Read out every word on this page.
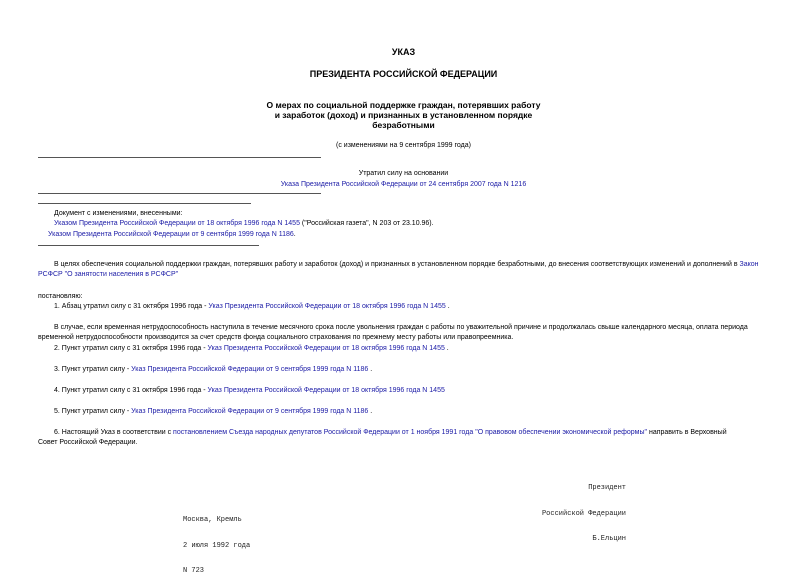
УКАЗ
ПРЕЗИДЕНТА РОССИЙСКОЙ ФЕДЕРАЦИИ
О мерах по социальной поддержке граждан, потерявших работу
и заработок (доход) и признанных в установленном порядке
безработными
(с изменениями на 9 сентября 1999 года)
Утратил силу на основании
Указа Президента Российской Федерации от 24 сентября 2007 года N 1216
Документ с изменениями, внесенными:
Указом Президента Российской Федерации от 18 октября 1996 года N 1455 ("Российская газета", N 203 от 23.10.96).
Указом Президента Российской Федерации от 9 сентября 1999 года N 1186.
В целях обеспечения социальной поддержки граждан, потерявших работу и заработок (доход) и признанных в установленном порядке безработными, до внесения соответствующих изменений и дополнений в Закон РСФСР "О занятости населения в РСФСР"
постановляю:
1. Абзац утратил силу с 31 октября 1996 года - Указ Президента Российской Федерации от 18 октября 1996 года N 1455 .
В случае, если временная нетрудоспособность наступила в течение месячного срока после увольнения граждан с работы по уважительной причине и продолжалась свыше календарного месяца, оплата периода
временной нетрудоспособности производится за счет средств фонда социального страхования по прежнему месту работы или правопреемника.
2. Пункт утратил силу с 31 октября 1996 года - Указ Президента Российской Федерации от 18 октября 1996 года N 1455 .
3. Пункт утратил силу - Указ Президента Российской Федерации от 9 сентября 1999 года N 1186 .
4. Пункт утратил силу с 31 октября 1996 года - Указ Президента Российской Федерации от 18 октября 1996 года N 1455
5. Пункт утратил силу - Указ Президента Российской Федерации от 9 сентября 1999 года N 1186 .
6. Настоящий Указ в соответствии с постановлением Съезда народных депутатов Российской Федерации от 1 ноября 1991 года "О правовом обеспечении экономической реформы" направить в Верховный
Совет Российской Федерации.

Президент

Российской Федерации

Б.Ельцин

Москва, Кремль

2 июля 1992 года

N 723
